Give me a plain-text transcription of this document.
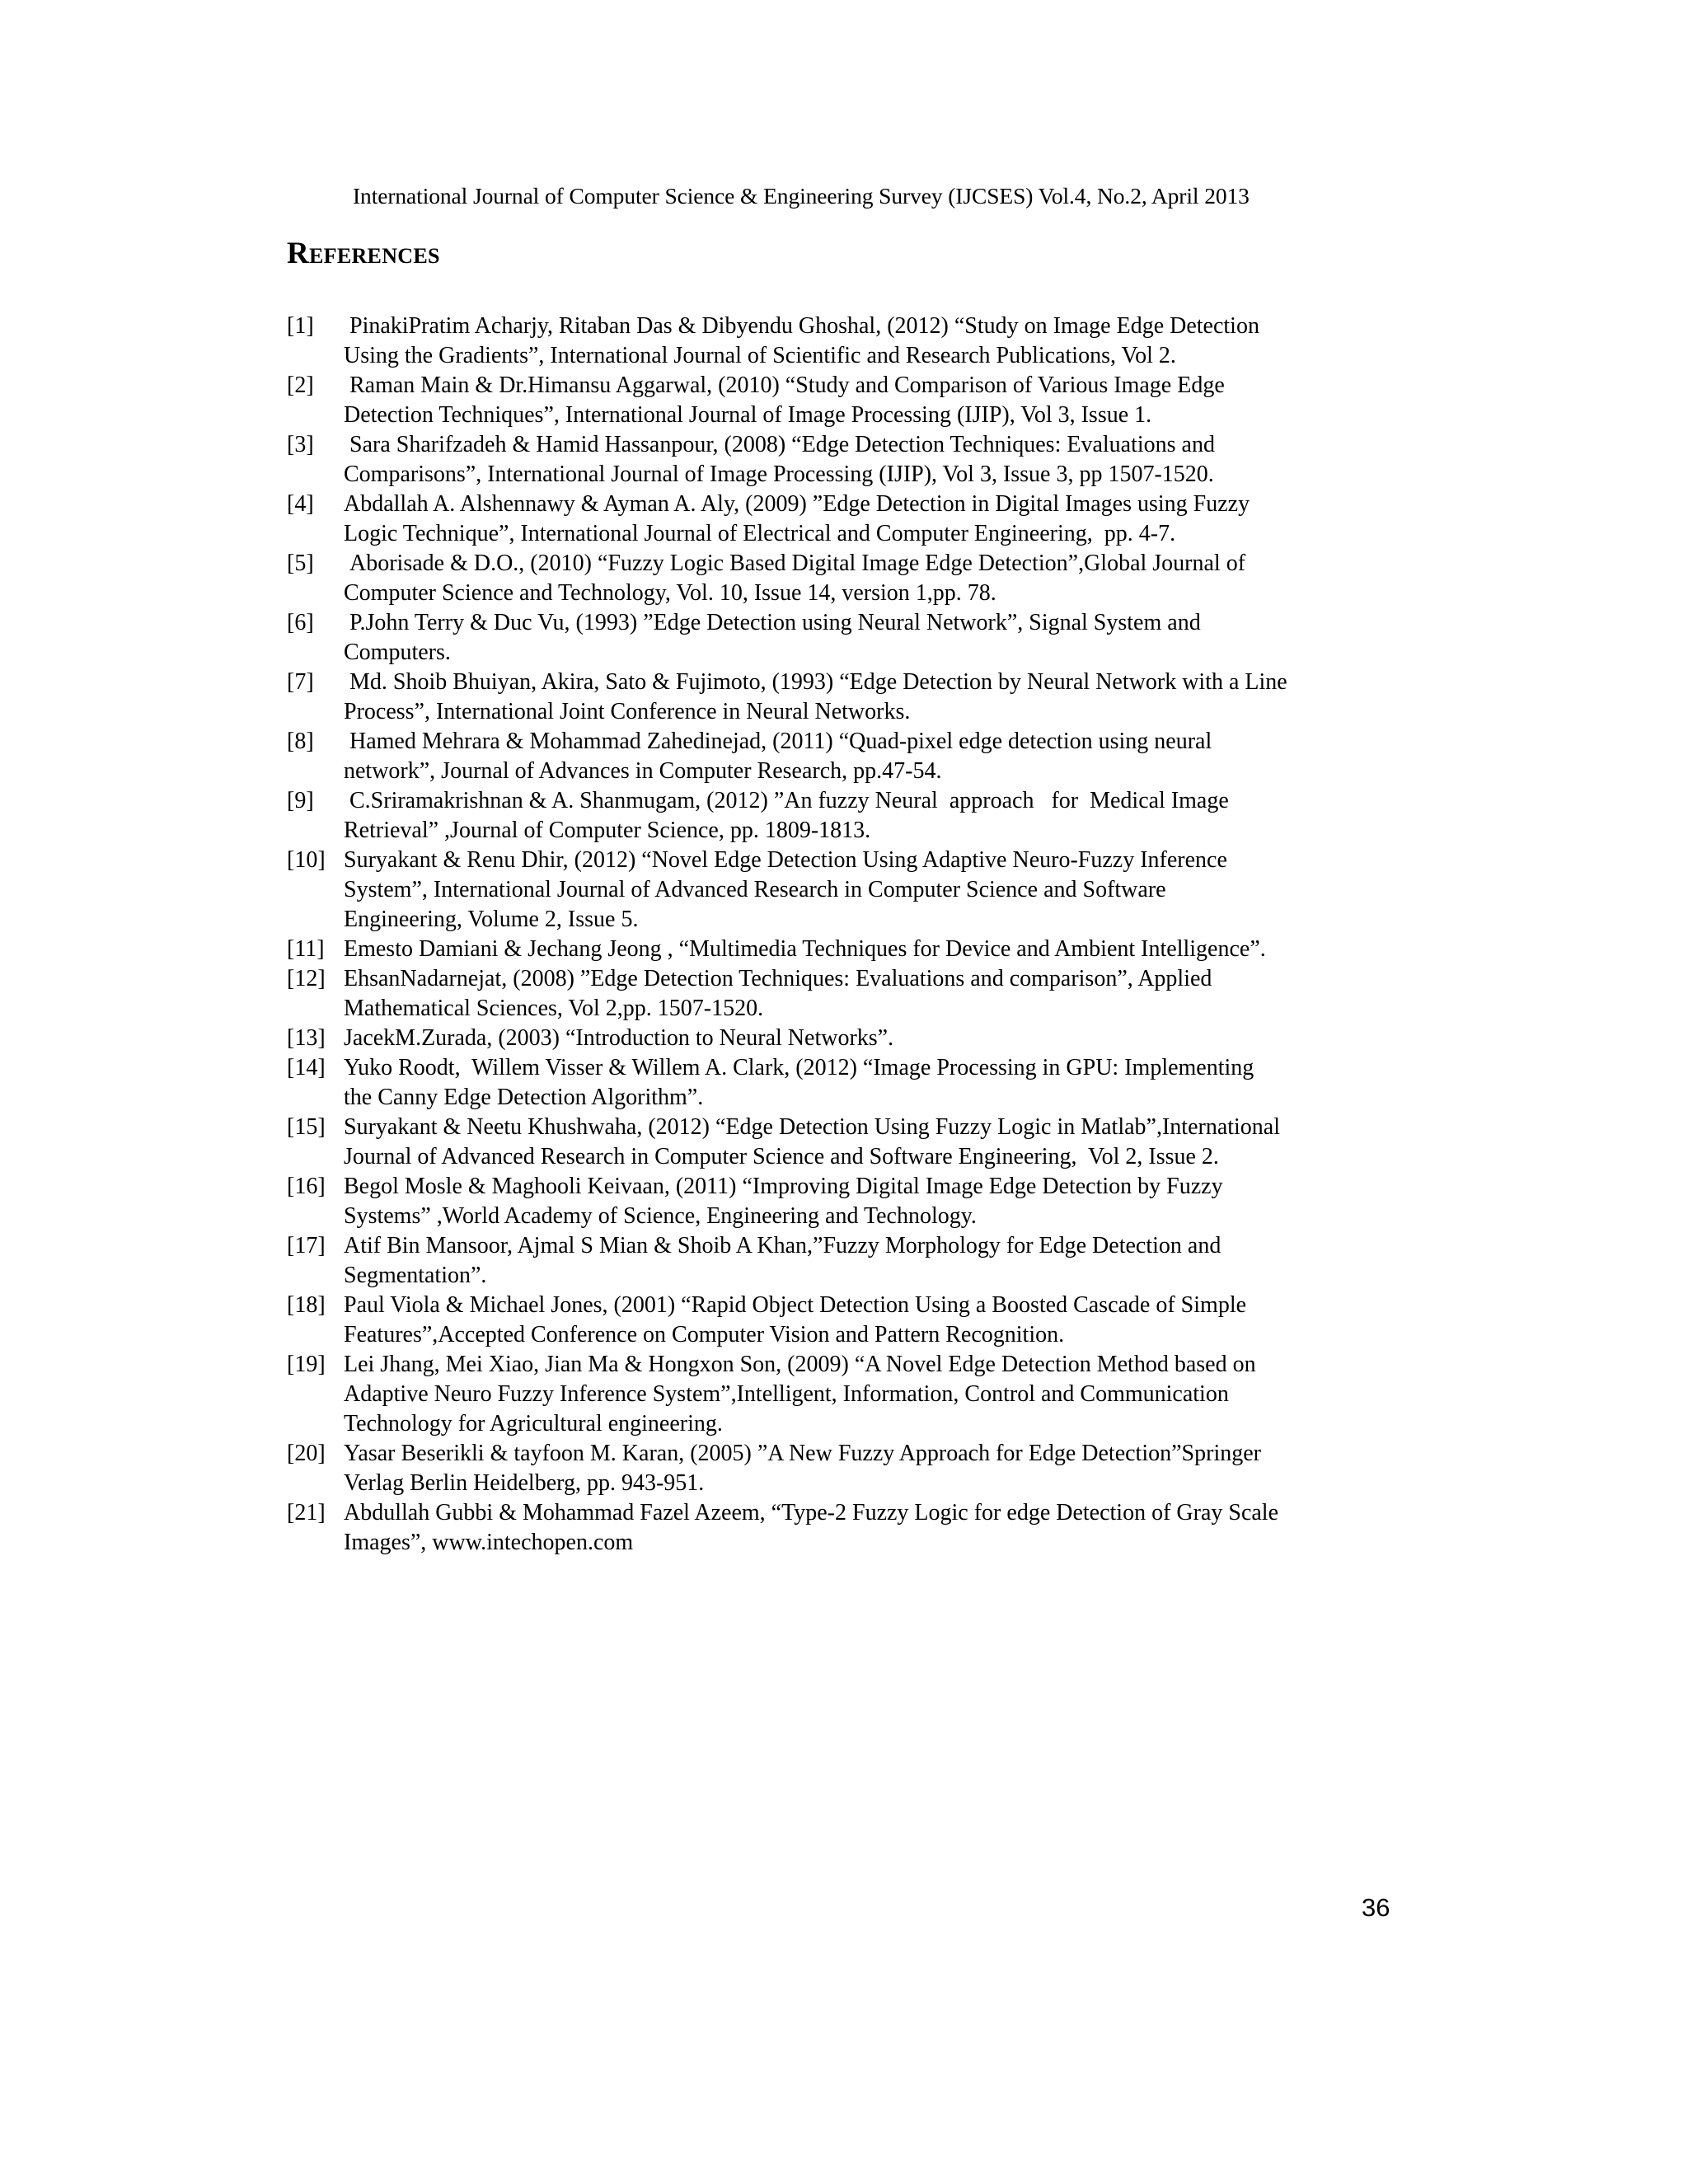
International Journal of Computer Science & Engineering Survey (IJCSES) Vol.4, No.2, April 2013
References
[1] PinakiPratim Acharjy, Ritaban Das & Dibyendu Ghoshal, (2012) “Study on Image Edge Detection
Using the Gradients”, International Journal of Scientific and Research Publications, Vol 2.
[2] Raman Main & Dr.Himansu Aggarwal, (2010) “Study and Comparison of Various Image Edge
Detection Techniques”, International Journal of Image Processing (IJIP), Vol 3, Issue 1.
[3] Sara Sharifzadeh & Hamid Hassanpour, (2008) “Edge Detection Techniques: Evaluations and
Comparisons”, International Journal of Image Processing (IJIP), Vol 3, Issue 3, pp 1507-1520.
[4] Abdallah A. Alshennawy & Ayman A. Aly, (2009) ”Edge Detection in Digital Images using Fuzzy
Logic Technique”, International Journal of Electrical and Computer Engineering,  pp. 4-7.
[5] Aborisade & D.O., (2010) “Fuzzy Logic Based Digital Image Edge Detection”,Global Journal of
Computer Science and Technology, Vol. 10, Issue 14, version 1,pp. 78.
[6] P.John Terry & Duc Vu, (1993) ”Edge Detection using Neural Network”, Signal System and
Computers.
[7] Md. Shoib Bhuiyan, Akira, Sato & Fujimoto, (1993) “Edge Detection by Neural Network with a Line
Process”, International Joint Conference in Neural Networks.
[8] Hamed Mehrara & Mohammad Zahedinejad, (2011) “Quad-pixel edge detection using neural
network”, Journal of Advances in Computer Research, pp.47-54.
[9] C.Sriramakrishnan & A. Shanmugam, (2012) ”An fuzzy Neural  approach   for  Medical Image
Retrieval” ,Journal of Computer Science, pp. 1809-1813.
[10] Suryakant & Renu Dhir, (2012) “Novel Edge Detection Using Adaptive Neuro-Fuzzy Inference
System”, International Journal of Advanced Research in Computer Science and Software
Engineering, Volume 2, Issue 5.
[11] Emesto Damiani & Jechang Jeong , “Multimedia Techniques for Device and Ambient Intelligence”.
[12] EhsanNadarnejat, (2008) ”Edge Detection Techniques: Evaluations and comparison”, Applied
Mathematical Sciences, Vol 2,pp. 1507-1520.
[13] JacekM.Zurada, (2003) “Introduction to Neural Networks”.
[14] Yuko Roodt,  Willem Visser & Willem A. Clark, (2012) “Image Processing in GPU: Implementing
the Canny Edge Detection Algorithm”.
[15] Suryakant & Neetu Khushwaha, (2012) “Edge Detection Using Fuzzy Logic in Matlab”,International
Journal of Advanced Research in Computer Science and Software Engineering,  Vol 2, Issue 2.
[16] Begol Mosle & Maghooli Keivaan, (2011) “Improving Digital Image Edge Detection by Fuzzy
Systems” ,World Academy of Science, Engineering and Technology.
[17] Atif Bin Mansoor, Ajmal S Mian & Shoib A Khan,”Fuzzy Morphology for Edge Detection and
Segmentation”.
[18] Paul Viola & Michael Jones, (2001) “Rapid Object Detection Using a Boosted Cascade of Simple
Features”,Accepted Conference on Computer Vision and Pattern Recognition.
[19] Lei Jhang, Mei Xiao, Jian Ma & Hongxon Son, (2009) “A Novel Edge Detection Method based on
Adaptive Neuro Fuzzy Inference System”,Intelligent, Information, Control and Communication
Technology for Agricultural engineering.
[20] Yasar Beserikli & tayfoon M. Karan, (2005) ”A New Fuzzy Approach for Edge Detection”Springer
Verlag Berlin Heidelberg, pp. 943-951.
[21] Abdullah Gubbi & Mohammad Fazel Azeem, “Type-2 Fuzzy Logic for edge Detection of Gray Scale
Images”, www.intechopen.com
36
